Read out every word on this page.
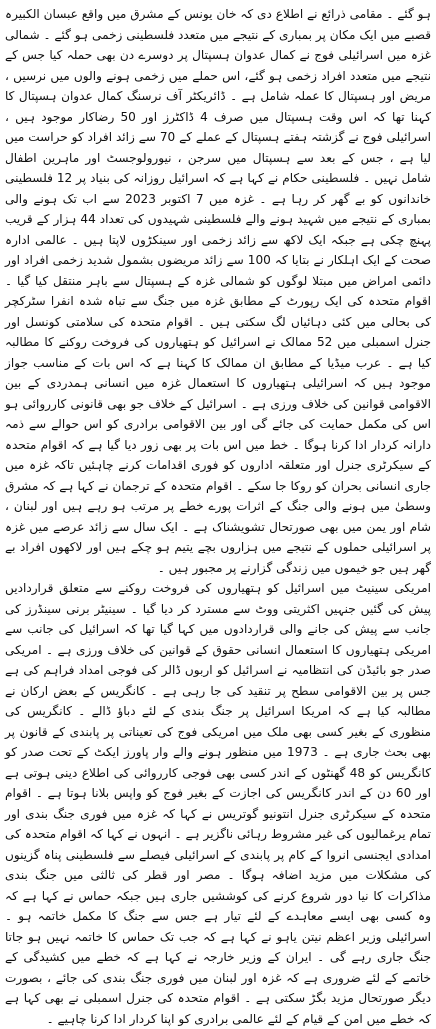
ہو گئے ۔ مقامی ذرائع نے اطلاع دی کہ خان یونس کے مشرق میں واقع عبسان الکبیرہ قصبے میں ایک مکان پر بمباری کے نتیجے میں متعدد فلسطینی زخمی ہو گئے ۔ شمالی غزہ میں اسرائیلی فوج نے کمال عدوان ہسپتال پر دوسرے دن بھی حملہ کیا جس کے نتیجے میں متعدد افراد زخمی ہو گئے، اس حملے میں زخمی ہونے والوں میں نرسیں ، مریض اور ہسپتال کا عملہ شامل ہے ۔ ڈائریکٹر آف نرسنگ کمال عدوان ہسپتال کا کہنا تھا کہ اس وقت ہسپتال میں صرف 4 ڈاکٹرز اور 50 رضاکار موجود ہیں ، اسرائیلی فوج نے گزشتہ ہفتے ہسپتال کے عملے کے 70 سے زائد افراد کو حراست میں لیا ہے ، جس کے بعد سے ہسپتال میں سرجن ، نیورولوجسٹ اور ماہرین اطفال شامل نہیں ۔ فلسطینی حکام نے کہا ہے کہ اسرائیل روزانہ کی بنیاد پر 12 فلسطینی خاندانوں کو بے گھر کر رہا ہے ۔ غزہ میں 7 اکتوبر 2023 سے اب تک ہونے والی بمباری کے نتیجے میں شہید ہونے والے فلسطینی شہیدوں کی تعداد 44 ہزار کے قریب پہنچ چکی ہے جبکہ ایک لاکھ سے زائد زخمی اور سینکڑوں لاپتا ہیں ۔ عالمی ادارہ صحت کے ایک اہلکار نے بتایا کہ 100 سے زائد مریضوں بشمول شدید زخمی افراد اور دائمی امراض میں مبتلا لوگوں کو شمالی غزہ کے ہسپتال سے باہر منتقل کیا گیا ۔ اقوام متحدہ کی ایک رپورٹ کے مطابق غزہ میں جنگ سے تباہ شدہ انفرا سٹرکچر کی بحالی میں کئی دہائیاں لگ سکتی ہیں ۔ اقوام متحدہ کی سلامتی کونسل اور جنرل اسمبلی میں 52 ممالک نے اسرائیل کو ہتھیاروں کی فروخت روکنے کا مطالبہ کیا ہے ۔ عرب میڈیا کے مطابق ان ممالک کا کہنا ہے کہ اس بات کے مناسب جواز موجود ہیں کہ اسرائیلی ہتھیاروں کا استعمال غزہ میں انسانی ہمدردی کے بین الاقوامی قوانین کی خلاف ورزی ہے ۔ اسرائیل کے خلاف جو بھی قانونی کارروائی ہو اس کی مکمل حمایت کی جائے گی اور بین الاقوامی برادری کو اس حوالے سے ذمہ دارانہ کردار ادا کرنا ہوگا ۔ خط میں اس بات پر بھی زور دیا گیا ہے کہ اقوام متحدہ کے سیکرٹری جنرل اور متعلقہ اداروں کو فوری اقدامات کرنے چاہئیں تاکہ غزہ میں جاری انسانی بحران کو روکا جا سکے ۔ اقوام متحدہ کے ترجمان نے کہا ہے کہ مشرق وسطیٰ میں ہونے والی جنگ کے اثرات پورے خطے پر مرتب ہو رہے ہیں اور لبنان ، شام اور یمن میں بھی صورتحال تشویشناک ہے ۔ ایک سال سے زائد عرصے میں غزہ پر اسرائیلی حملوں کے نتیجے میں ہزاروں بچے یتیم ہو چکے ہیں اور لاکھوں افراد بے گھر ہیں جو خیموں میں زندگی گزارنے پر مجبور ہیں ۔

امریکی سینیٹ میں اسرائیل کو ہتھیاروں کی فروخت روکنے سے متعلق قراردادیں پیش کی گئیں جنہیں اکثریتی ووٹ سے مسترد کر دیا گیا ۔ سینیٹر برنی سینڈرز کی جانب سے پیش کی جانے والی قراردادوں میں کہا گیا تھا کہ اسرائیل کی جانب سے امریکی ہتھیاروں کا استعمال انسانی حقوق کے قوانین کی خلاف ورزی ہے ۔ امریکی صدر جو بائیڈن کی انتظامیہ نے اسرائیل کو اربوں ڈالر کی فوجی امداد فراہم کی ہے جس پر بین الاقوامی سطح پر تنقید کی جا رہی ہے ۔ کانگریس کے بعض ارکان نے مطالبہ کیا ہے کہ امریکا اسرائیل پر جنگ بندی کے لئے دباؤ ڈالے ۔ کانگریس کی منظوری کے بغیر کسی بھی ملک میں امریکی فوج کی تعیناتی پر پابندی کے قانون پر بھی بحث جاری ہے ۔ 1973 میں منظور ہونے والے وار پاورز ایکٹ کے تحت صدر کو کانگریس کو 48 گھنٹوں کے اندر کسی بھی فوجی کارروائی کی اطلاع دینی ہوتی ہے اور 60 دن کے اندر کانگریس کی اجازت کے بغیر فوج کو واپس بلانا ہوتا ہے ۔ اقوام متحدہ کے سیکرٹری جنرل انتونیو گوتریس نے کہا کہ غزہ میں فوری جنگ بندی اور تمام یرغمالیوں کی غیر مشروط رہائی ناگزیر ہے ۔ انہوں نے کہا کہ اقوام متحدہ کی امدادی ایجنسی انروا کے کام پر پابندی کے اسرائیلی فیصلے سے فلسطینی پناہ گزینوں کی مشکلات میں مزید اضافہ ہوگا ۔ مصر اور قطر کی ثالثی میں جنگ بندی مذاکرات کا نیا دور شروع کرنے کی کوششیں جاری ہیں جبکہ حماس نے کہا ہے کہ وہ کسی بھی ایسے معاہدے کے لئے تیار ہے جس سے جنگ کا مکمل خاتمہ ہو ۔ اسرائیلی وزیر اعظم نیتن یاہو نے کہا ہے کہ جب تک حماس کا خاتمہ نہیں ہو جاتا جنگ جاری رہے گی ۔ ایران کے وزیر خارجہ نے کہا ہے کہ خطے میں کشیدگی کے خاتمے کے لئے ضروری ہے کہ غزہ اور لبنان میں فوری جنگ بندی کی جائے ، بصورت دیگر صورتحال مزید بگڑ سکتی ہے ۔ اقوام متحدہ کی جنرل اسمبلی نے بھی کہا ہے کہ خطے میں امن کے قیام کے لئے عالمی برادری کو اپنا کردار ادا کرنا چاہیے ۔
